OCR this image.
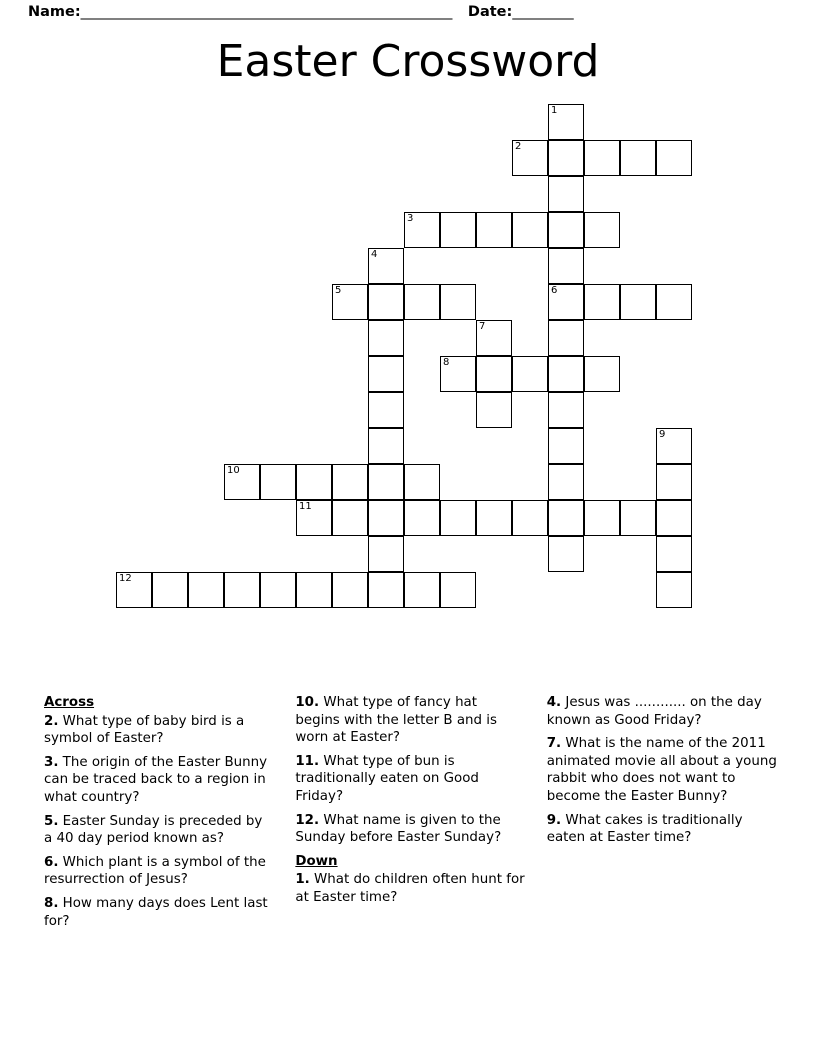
Name: _______________________________________________________ Date: _________
Easter Crossword
1
2
3
4
5	6
7
8
9
10
11
12
Across
2. What type of baby bird is a symbol of Easter?
3. The origin of the Easter Bunny can be traced back to a region in what country?
5. Easter Sunday is preceded by a 40 day period known as?
6. Which plant is a symbol of the resurrection of Jesus?
8. How many days does Lent last for?
10. What type of fancy hat begins with the letter B and is worn at Easter?
11. What type of bun is traditionally eaten on Good Friday?
12. What name is given to the Sunday before Easter Sunday?
Down
1. What do children often hunt for at Easter time?
4. Jesus was ............ on the day known as Good Friday?
7. What is the name of the 2011 animated movie all about a young rabbit who does not want to become the Easter Bunny?
9. What cakes is traditionally eaten at Easter time?
